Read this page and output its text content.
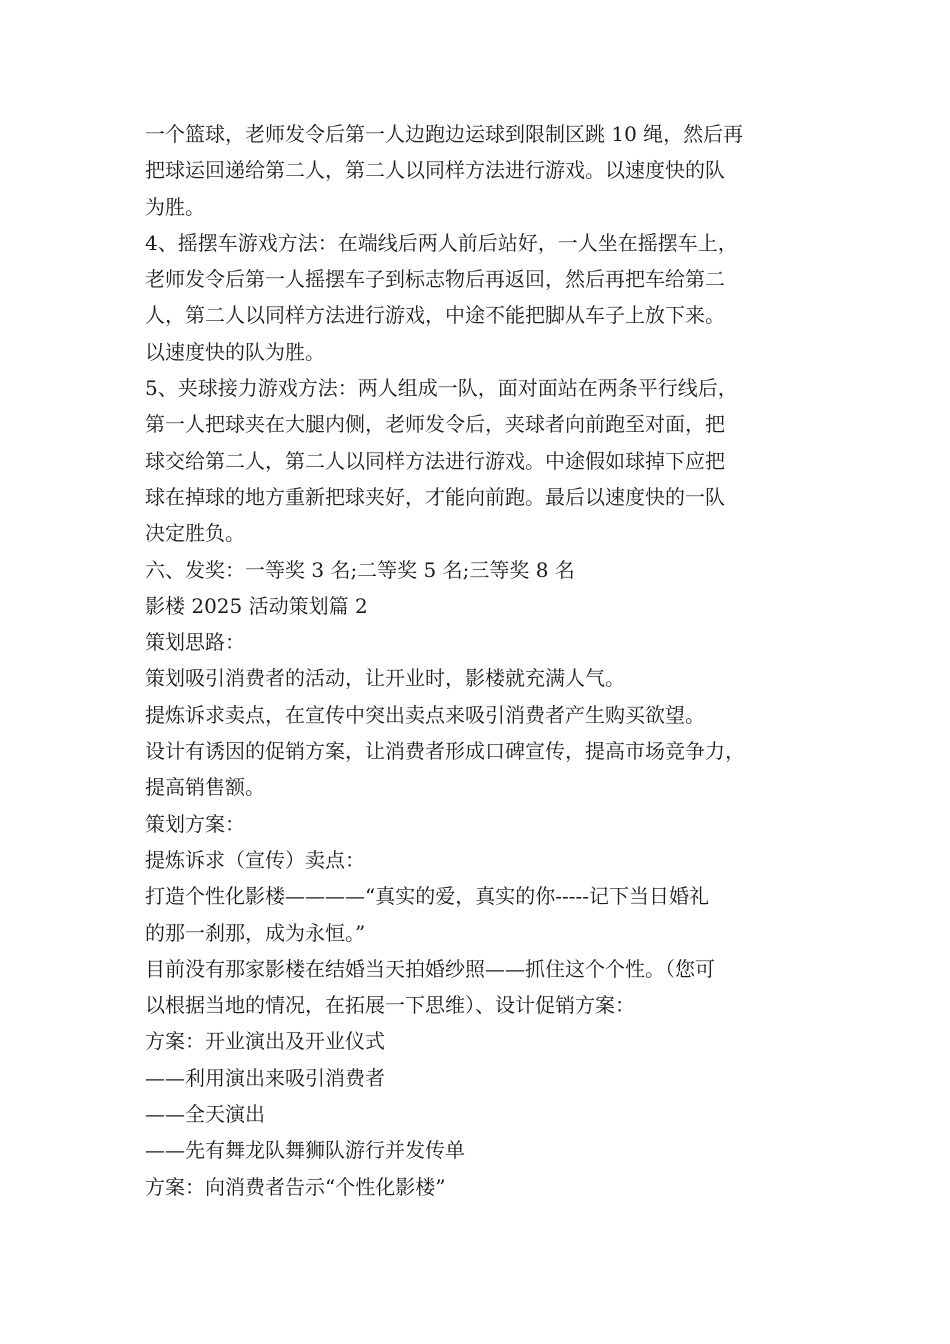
一个篮球，老师发令后第一人边跑边运球到限制区跳 10 绳，然后再
把球运回递给第二人，第二人以同样方法进行游戏。以速度快的队
为胜。
4、摇摆车游戏方法：在端线后两人前后站好，一人坐在摇摆车上，
老师发令后第一人摇摆车子到标志物后再返回，然后再把车给第二
人，第二人以同样方法进行游戏，中途不能把脚从车子上放下来。
以速度快的队为胜。
5、夹球接力游戏方法：两人组成一队，面对面站在两条平行线后，
第一人把球夹在大腿内侧，老师发令后，夹球者向前跑至对面，把
球交给第二人，第二人以同样方法进行游戏。中途假如球掉下应把
球在掉球的地方重新把球夹好，才能向前跑。最后以速度快的一队
决定胜负。
六、发奖：一等奖 3 名;二等奖 5 名;三等奖 8 名
影楼 2025 活动策划篇 2
策划思路：
策划吸引消费者的活动，让开业时，影楼就充满人气。
提炼诉求卖点，在宣传中突出卖点来吸引消费者产生购买欲望。
设计有诱因的促销方案，让消费者形成口碑宣传，提高市场竞争力，
提高销售额。
策划方案：
提炼诉求（宣传）卖点：
打造个性化影楼————“真实的爱，真实的你-----记下当日婚礼
的那一刹那，成为永恒。”
目前没有那家影楼在结婚当天拍婚纱照——抓住这个个性。（您可
以根据当地的情况，在拓展一下思维）、设计促销方案：
方案：开业演出及开业仪式
——利用演出来吸引消费者
——全天演出
——先有舞龙队舞狮队游行并发传单
方案：向消费者告示“个性化影楼”
